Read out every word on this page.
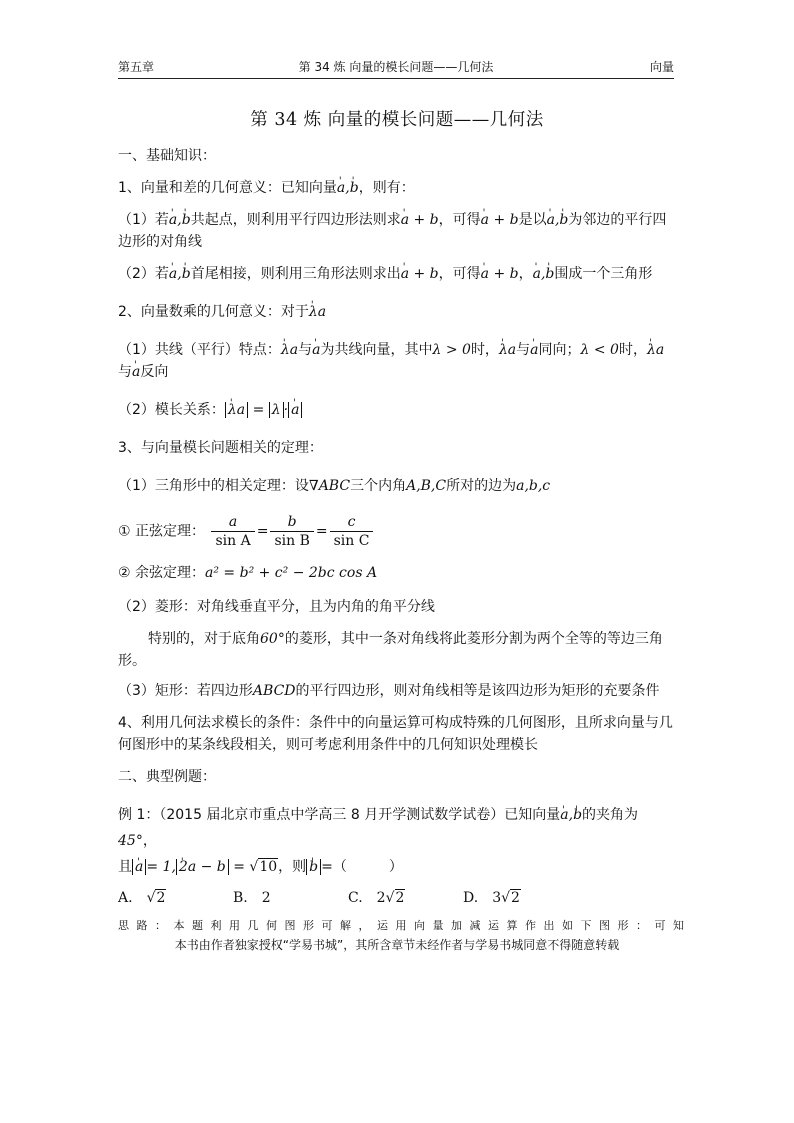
第五章	第 34 炼 向量的模长问题——几何法	向量
第 34 炼 向量的模长问题——几何法

一、基础知识：

1、向量和差的几何意义：已知向量' a,' b，则有：

（1）若' a,' b共起点，则利用平行四边形法则求' a + b，可得' a + b是以' a,' b为邻边的平行四边形的对角线

（2）若' a,' b首尾相接，则利用三角形法则求出' a + b，可得' a + b，' a,' b围成一个三角形

2、向量数乘的几何意义：对于' λa

（1）共线（平行）特点：' λa与' a为共线向量，其中λ > 0时，' λa与' a同向；λ < 0时，' λa
与' a反向

（2）模长关系： ' λa = λ · ' a

3、与向量模长问题相关的定理：

（1）三角形中的相关定理：设∇ABC三个内角A,B,C所对的边为a,b,c

① 正弦定理： $\frac{a}{\text{sin A}} = \frac{b}{\text{sin B}} = \frac{c}{\text{sin C}}$

② 余弦定理：a² = b² + c² − 2bc cos A

（2）菱形：对角线垂直平分，且为内角的角平分线

特别的，对于底角60°的菱形，其中一条对角线将此菱形分割为两个全等的等边三角形。

（3）矩形：若四边形ABCD的平行四边形，则对角线相等是该四边形为矩形的充要条件

4、利用几何法求模长的条件：条件中的向量运算可构成特殊的几何图形，且所求向量与几何图形中的某条线段相关，则可考虑利用条件中的几何知识处理模长

二、典型例题：

例 1：（2015 届北京市重点中学高三 8 月开学测试数学试卷）已知向量' a,' b的夹角为45°，
且 ' a = 1, ' 2a − b = √10，则 ' b =（　　　）

A. √2	B. 2	C. 2√2	D. 3√2
思路：本题利用几何图形可解，运用向量加减运算作出如下图形：可知
本书由作者独家授权“学易书城”，其所含章节未经作者与学易书城同意不得随意转载
